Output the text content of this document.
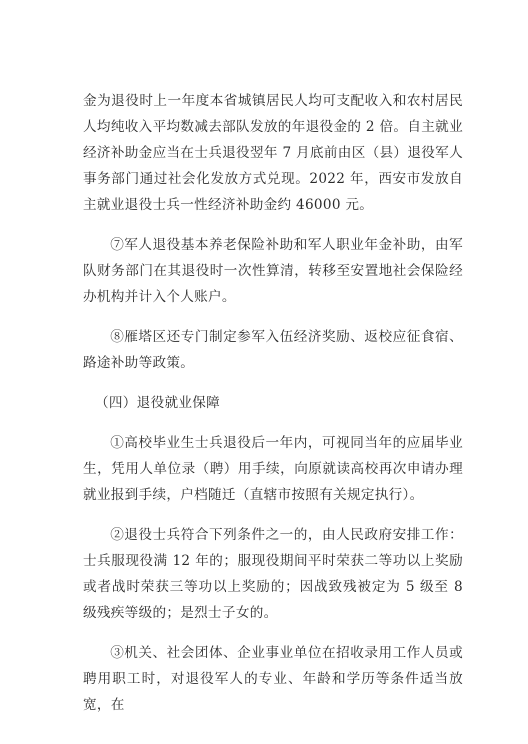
金为退役时上一年度本省城镇居民人均可支配收入和农村居民人均纯收入平均数减去部队发放的年退役金的 2 倍。自主就业经济补助金应当在士兵退役翌年 7 月底前由区（县）退役军人事务部门通过社会化发放方式兑现。2022 年，西安市发放自主就业退役士兵一性经济补助金约 46000 元。

⑦军人退役基本养老保险补助和军人职业年金补助，由军队财务部门在其退役时一次性算清，转移至安置地社会保险经办机构并计入个人账户。

⑧雁塔区还专门制定参军入伍经济奖励、返校应征食宿、路途补助等政策。

（四）退役就业保障

①高校毕业生士兵退役后一年内，可视同当年的应届毕业生，凭用人单位录（聘）用手续，向原就读高校再次申请办理就业报到手续，户档随迁（直辖市按照有关规定执行）。

②退役士兵符合下列条件之一的，由人民政府安排工作：士兵服现役满 12 年的；服现役期间平时荣获二等功以上奖励或者战时荣获三等功以上奖励的；因战致残被定为 5 级至 8 级残疾等级的；是烈士子女的。

③机关、社会团体、企业事业单位在招收录用工作人员或聘用职工时，对退役军人的专业、年龄和学历等条件适当放宽，在
